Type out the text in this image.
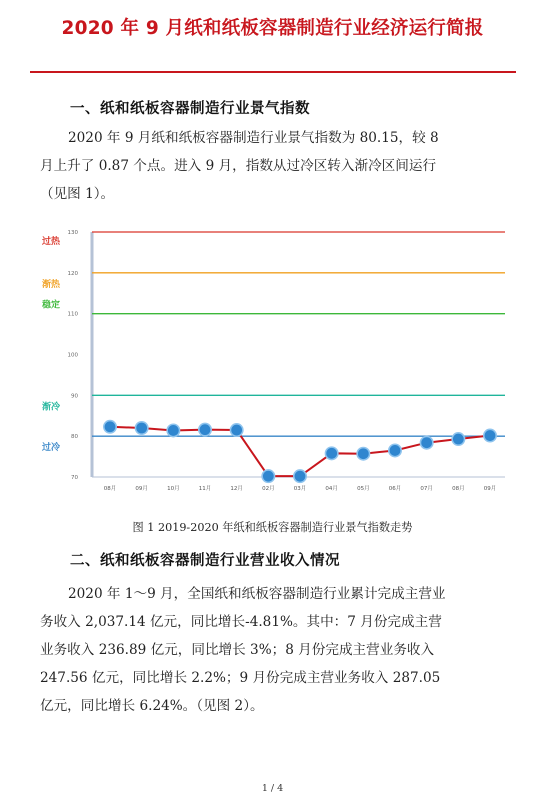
2020 年 9 月纸和纸板容器制造行业经济运行简报
一、纸和纸板容器制造行业景气指数
2020 年 9 月纸和纸板容器制造行业景气指数为 80.15，较 8
月上升了 0.87 个点。进入 9 月，指数从过冷区转入渐冷区间运行
（见图 1）。
70
80
90
100
110
120
130
过热
渐热
稳定
渐冷
过冷
08月	09月	10月	11月	12月	02月	03月	04月	05月	06月	07月	08月	09月
图 1 2019-2020 年纸和纸板容器制造行业景气指数走势
二、纸和纸板容器制造行业营业收入情况
2020 年 1～9 月，全国纸和纸板容器制造行业累计完成主营业
务收入 2,037.14 亿元，同比增长-4.81%。其中：7 月份完成主营
业务收入 236.89 亿元，同比增长 3%；8 月份完成主营业务收入
247.56 亿元，同比增长 2.2%；9 月份完成主营业务收入 287.05
亿元，同比增长 6.24%。（见图 2）。
1 / 4
